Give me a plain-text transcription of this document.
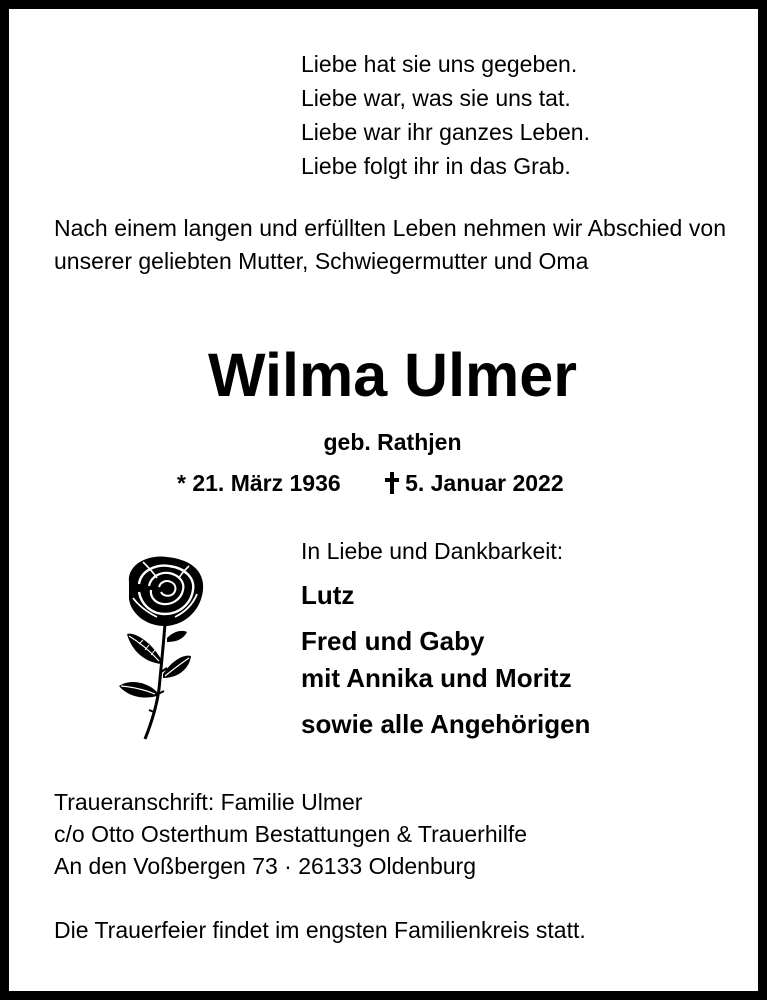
Liebe hat sie uns gegeben.
Liebe war, was sie uns tat.
Liebe war ihr ganzes Leben.
Liebe folgt ihr in das Grab.
Nach einem langen und erfüllten Leben nehmen wir Abschied von unserer geliebten Mutter, Schwiegermutter und Oma
Wilma Ulmer
geb. Rathjen
* 21. März 1936	5. Januar 2022
In Liebe und Dankbarkeit:
Lutz
Fred und Gaby
mit Annika und Moritz
sowie alle Angehörigen
Traueranschrift: Familie Ulmer
c/o Otto Osterthum Bestattungen & Trauerhilfe
An den Voßbergen 73 · 26133 Oldenburg
Die Trauerfeier findet im engsten Familienkreis statt.
